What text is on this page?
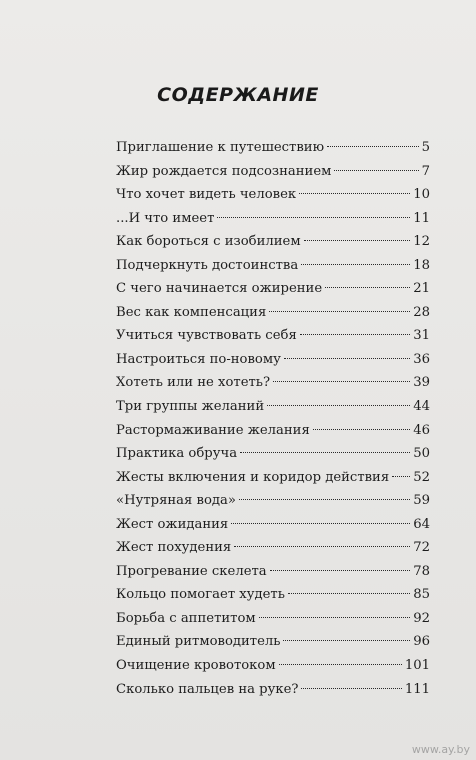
СОДЕРЖАНИЕ
Приглашение к путешествию	5
Жир рождается подсознанием	7
Что хочет видеть человек	10
...И что имеет	11
Как бороться с изобилием	12
Подчеркнуть достоинства	18
С чего начинается ожирение	21
Вес как компенсация	28
Учиться чувствовать себя	31
Настроиться по-новому	36
Хотеть или не хотеть?	39
Три группы желаний	44
Растормаживание желания	46
Практика обруча	50
Жесты включения и коридор действия 52
«Нутряная вода»	59
Жест ожидания	64
Жест похудения	72
Прогревание скелета	78
Кольцо помогает худеть	85
Борьба с аппетитом	92
Единый ритмоводитель	96
Очищение кровотоком	101
Сколько пальцев на руке?	111
www.ay.by
